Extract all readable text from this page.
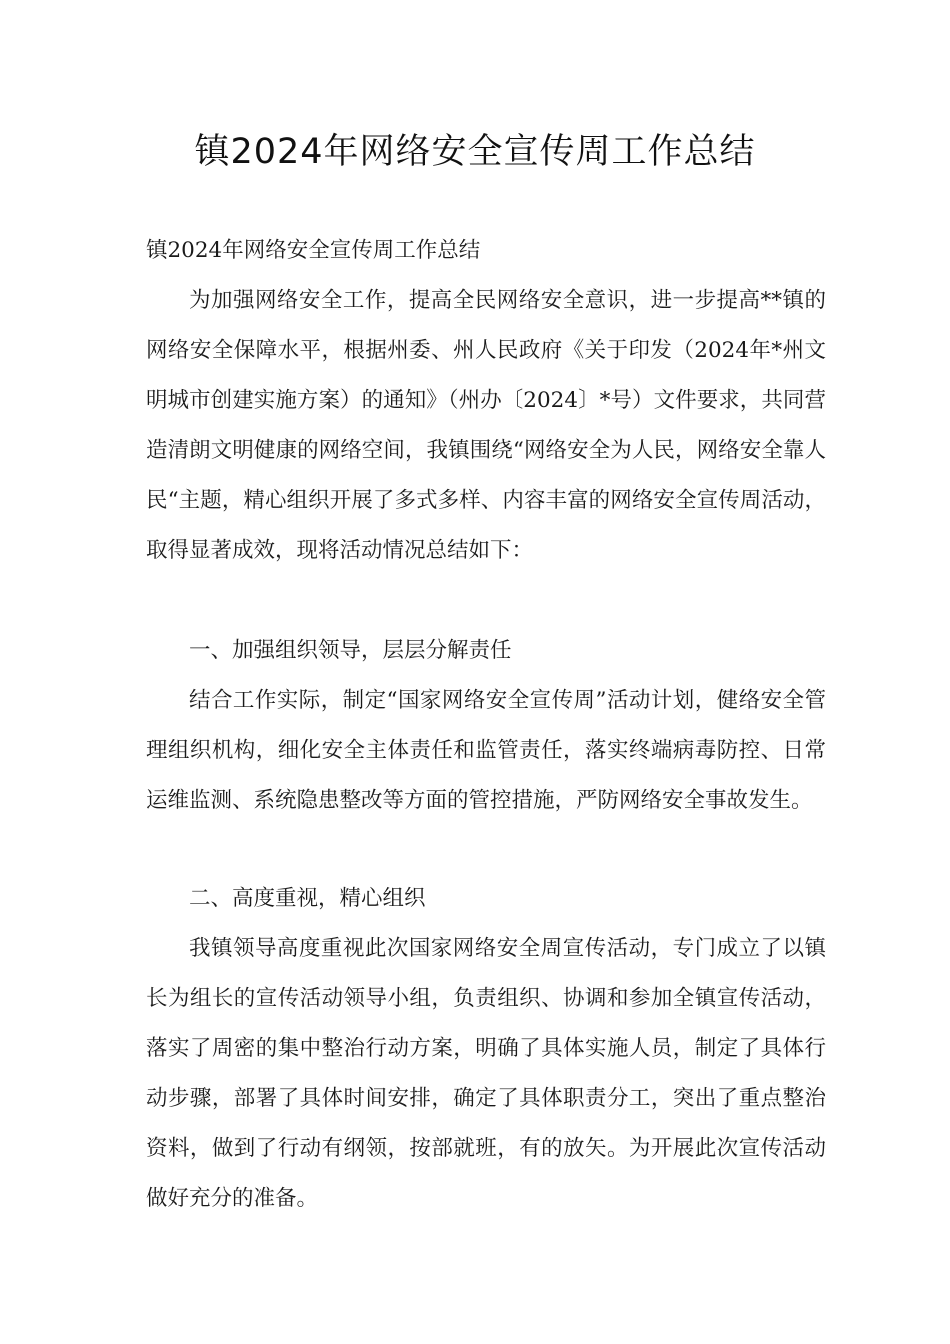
镇2024年网络安全宣传周工作总结

镇2024年网络安全宣传周工作总结

为加强网络安全工作，提高全民网络安全意识，进一步提高**镇的网络安全保障水平，根据州委、州人民政府《关于印发（2024年*州文明城市创建实施方案）的通知》（州办〔2024〕*号）文件要求，共同营造清朗文明健康的网络空间，我镇围绕“网络安全为人民，网络安全靠人民“主题，精心组织开展了多式多样、内容丰富的网络安全宣传周活动，取得显著成效，现将活动情况总结如下：

一、加强组织领导，层层分解责任

结合工作实际，制定“国家网络安全宣传周”活动计划，健络安全管理组织机构，细化安全主体责任和监管责任，落实终端病毒防控、日常运维监测、系统隐患整改等方面的管控措施，严防网络安全事故发生。

二、高度重视，精心组织

我镇领导高度重视此次国家网络安全周宣传活动，专门成立了以镇长为组长的宣传活动领导小组，负责组织、协调和参加全镇宣传活动，落实了周密的集中整治行动方案，明确了具体实施人员，制定了具体行动步骤，部署了具体时间安排，确定了具体职责分工，突出了重点整治资料，做到了行动有纲领，按部就班，有的放矢。为开展此次宣传活动做好充分的准备。
